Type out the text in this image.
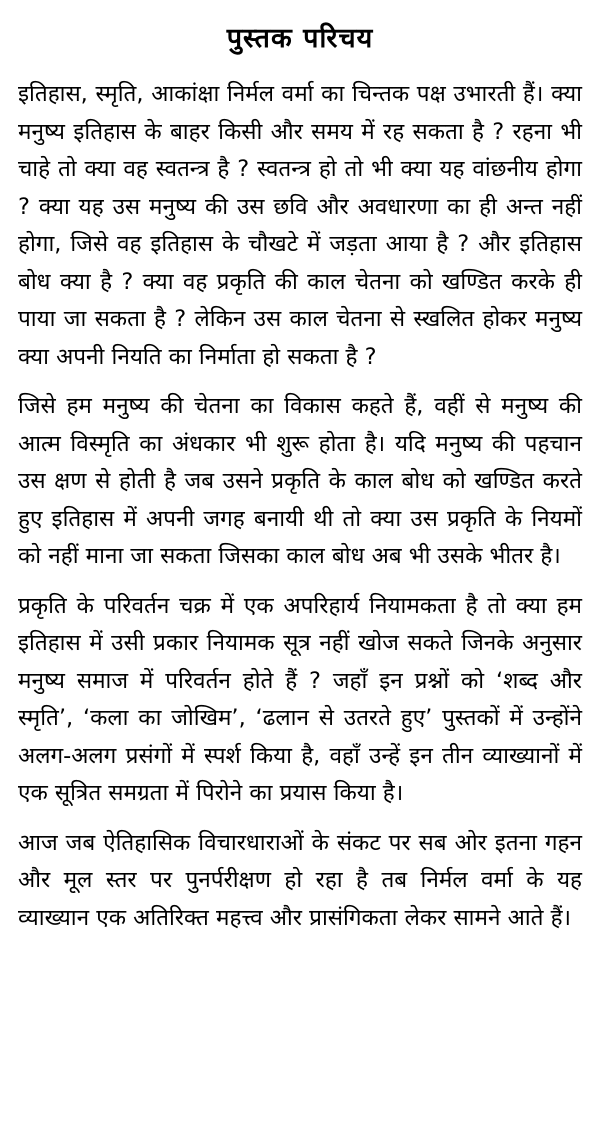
पुस्तक परिचय

इतिहास, स्मृति, आकांक्षा निर्मल वर्मा का चिन्तक पक्ष उभारती हैं। क्या मनुष्य इतिहास के बाहर किसी और समय में रह सकता है ? रहना भी चाहे तो क्या वह स्वतन्त्र है ? स्वतन्त्र हो तो भी क्या यह वांछनीय होगा ? क्या यह उस मनुष्य की उस छवि और अवधारणा का ही अन्त नहीं होगा, जिसे वह इतिहास के चौखटे में जड़ता आया है ? और इतिहास बोध क्या है ? क्या वह प्रकृति की काल चेतना को खण्डित करके ही पाया जा सकता है ? लेकिन उस काल चेतना से स्खलित होकर मनुष्य क्या अपनी नियति का निर्माता हो सकता है ?

जिसे हम मनुष्य की चेतना का विकास कहते हैं, वहीं से मनुष्य की आत्म विस्मृति का अंधकार भी शुरू होता है। यदि मनुष्य की पहचान उस क्षण से होती है जब उसने प्रकृति के काल बोध को खण्डित करते हुए इतिहास में अपनी जगह बनायी थी तो क्या उस प्रकृति के नियमों को नहीं माना जा सकता जिसका काल बोध अब भी उसके भीतर है।

प्रकृति के परिवर्तन चक्र में एक अपरिहार्य नियामकता है तो क्या हम इतिहास में उसी प्रकार नियामक सूत्र नहीं खोज सकते जिनके अनुसार मनुष्य समाज में परिवर्तन होते हैं ? जहाँ इन प्रश्नों को ‘शब्द और स्मृति’, ‘कला का जोखिम’, ‘ढलान से उतरते हुए’ पुस्तकों में उन्होंने अलग-अलग प्रसंगों में स्पर्श किया है, वहाँ उन्हें इन तीन व्याख्यानों में एक सूत्रित समग्रता में पिरोने का प्रयास किया है।

आज जब ऐतिहासिक विचारधाराओं के संकट पर सब ओर इतना गहन और मूल स्तर पर पुनर्परीक्षण हो रहा है तब निर्मल वर्मा के यह व्याख्यान एक अतिरिक्त महत्त्व और प्रासंगिकता लेकर सामने आते हैं।
